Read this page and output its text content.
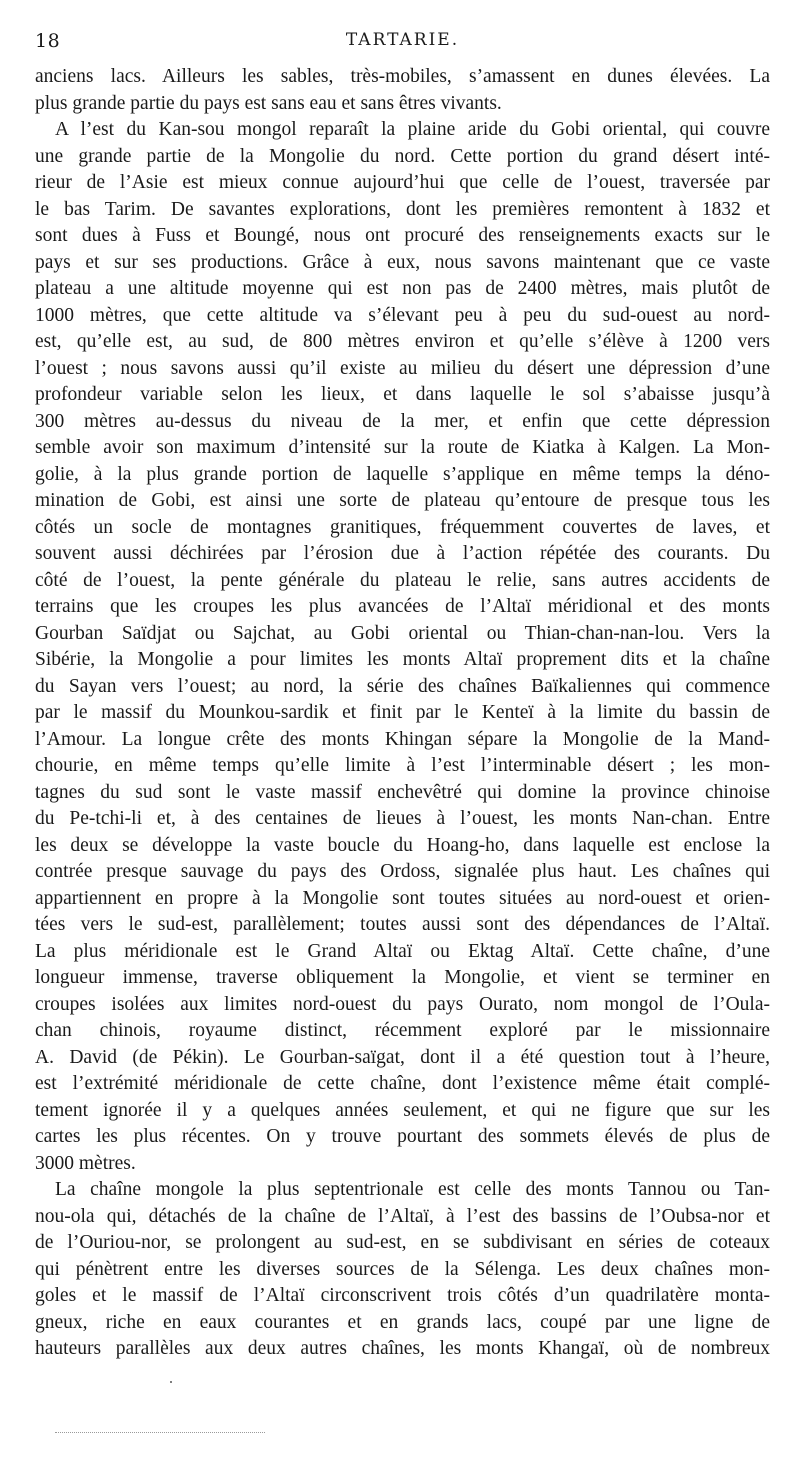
18	TARTARIE.
anciens lacs. Ailleurs les sables, très-mobiles, s’amassent en dunes élevées. La
plus grande partie du pays est sans eau et sans êtres vivants.
A l’est du Kan-sou mongol reparaît la plaine aride du Gobi oriental, qui couvre
une grande partie de la Mongolie du nord. Cette portion du grand désert inté-
rieur de l’Asie est mieux connue aujourd’hui que celle de l’ouest, traversée par
le bas Tarim. De savantes explorations, dont les premières remontent à 1832 et
sont dues à Fuss et Boungé, nous ont procuré des renseignements exacts sur le
pays et sur ses productions. Grâce à eux, nous savons maintenant que ce vaste
plateau a une altitude moyenne qui est non pas de 2400 mètres, mais plutôt de
1000 mètres, que cette altitude va s’élevant peu à peu du sud-ouest au nord-
est, qu’elle est, au sud, de 800 mètres environ et qu’elle s’élève à 1200 vers
l’ouest ; nous savons aussi qu’il existe au milieu du désert une dépression d’une
profondeur variable selon les lieux, et dans laquelle le sol s’abaisse jusqu’à
300 mètres au-dessus du niveau de la mer, et enfin que cette dépression
semble avoir son maximum d’intensité sur la route de Kiatka à Kalgen. La Mon-
golie, à la plus grande portion de laquelle s’applique en même temps la déno-
mination de Gobi, est ainsi une sorte de plateau qu’entoure de presque tous les
côtés un socle de montagnes granitiques, fréquemment couvertes de laves, et
souvent aussi déchirées par l’érosion due à l’action répétée des courants. Du
côté de l’ouest, la pente générale du plateau le relie, sans autres accidents de
terrains que les croupes les plus avancées de l’Altaï méridional et des monts
Gourban Saïdjat ou Sajchat, au Gobi oriental ou Thian-chan-nan-lou. Vers la
Sibérie, la Mongolie a pour limites les monts Altaï proprement dits et la chaîne
du Sayan vers l’ouest; au nord, la série des chaînes Baïkaliennes qui commence
par le massif du Mounkou-sardik et finit par le Kenteï à la limite du bassin de
l’Amour. La longue crête des monts Khingan sépare la Mongolie de la Mand-
chourie, en même temps qu’elle limite à l’est l’interminable désert ; les mon-
tagnes du sud sont le vaste massif enchevêtré qui domine la province chinoise
du Pe-tchi-li et, à des centaines de lieues à l’ouest, les monts Nan-chan. Entre
les deux se développe la vaste boucle du Hoang-ho, dans laquelle est enclose la
contrée presque sauvage du pays des Ordoss, signalée plus haut. Les chaînes qui
appartiennent en propre à la Mongolie sont toutes situées au nord-ouest et orien-
tées vers le sud-est, parallèlement; toutes aussi sont des dépendances de l’Altaï.
La plus méridionale est le Grand Altaï ou Ektag Altaï. Cette chaîne, d’une
longueur immense, traverse obliquement la Mongolie, et vient se terminer en
croupes isolées aux limites nord-ouest du pays Ourato, nom mongol de l’Oula-
chan chinois, royaume distinct, récemment exploré par le missionnaire
A. David (de Pékin). Le Gourban-saïgat, dont il a été question tout à l’heure,
est l’extrémité méridionale de cette chaîne, dont l’existence même était complé-
tement ignorée il y a quelques années seulement, et qui ne figure que sur les
cartes les plus récentes. On y trouve pourtant des sommets élevés de plus de
3000 mètres.
La chaîne mongole la plus septentrionale est celle des monts Tannou ou Tan-
nou-ola qui, détachés de la chaîne de l’Altaï, à l’est des bassins de l’Oubsa-nor et
de l’Ouriou-nor, se prolongent au sud-est, en se subdivisant en séries de coteaux
qui pénètrent entre les diverses sources de la Sélenga. Les deux chaînes mon-
goles et le massif de l’Altaï circonscrivent trois côtés d’un quadrilatère monta-
gneux, riche en eaux courantes et en grands lacs, coupé par une ligne de
hauteurs parallèles aux deux autres chaînes, les monts Khangaï, où de nombreux
